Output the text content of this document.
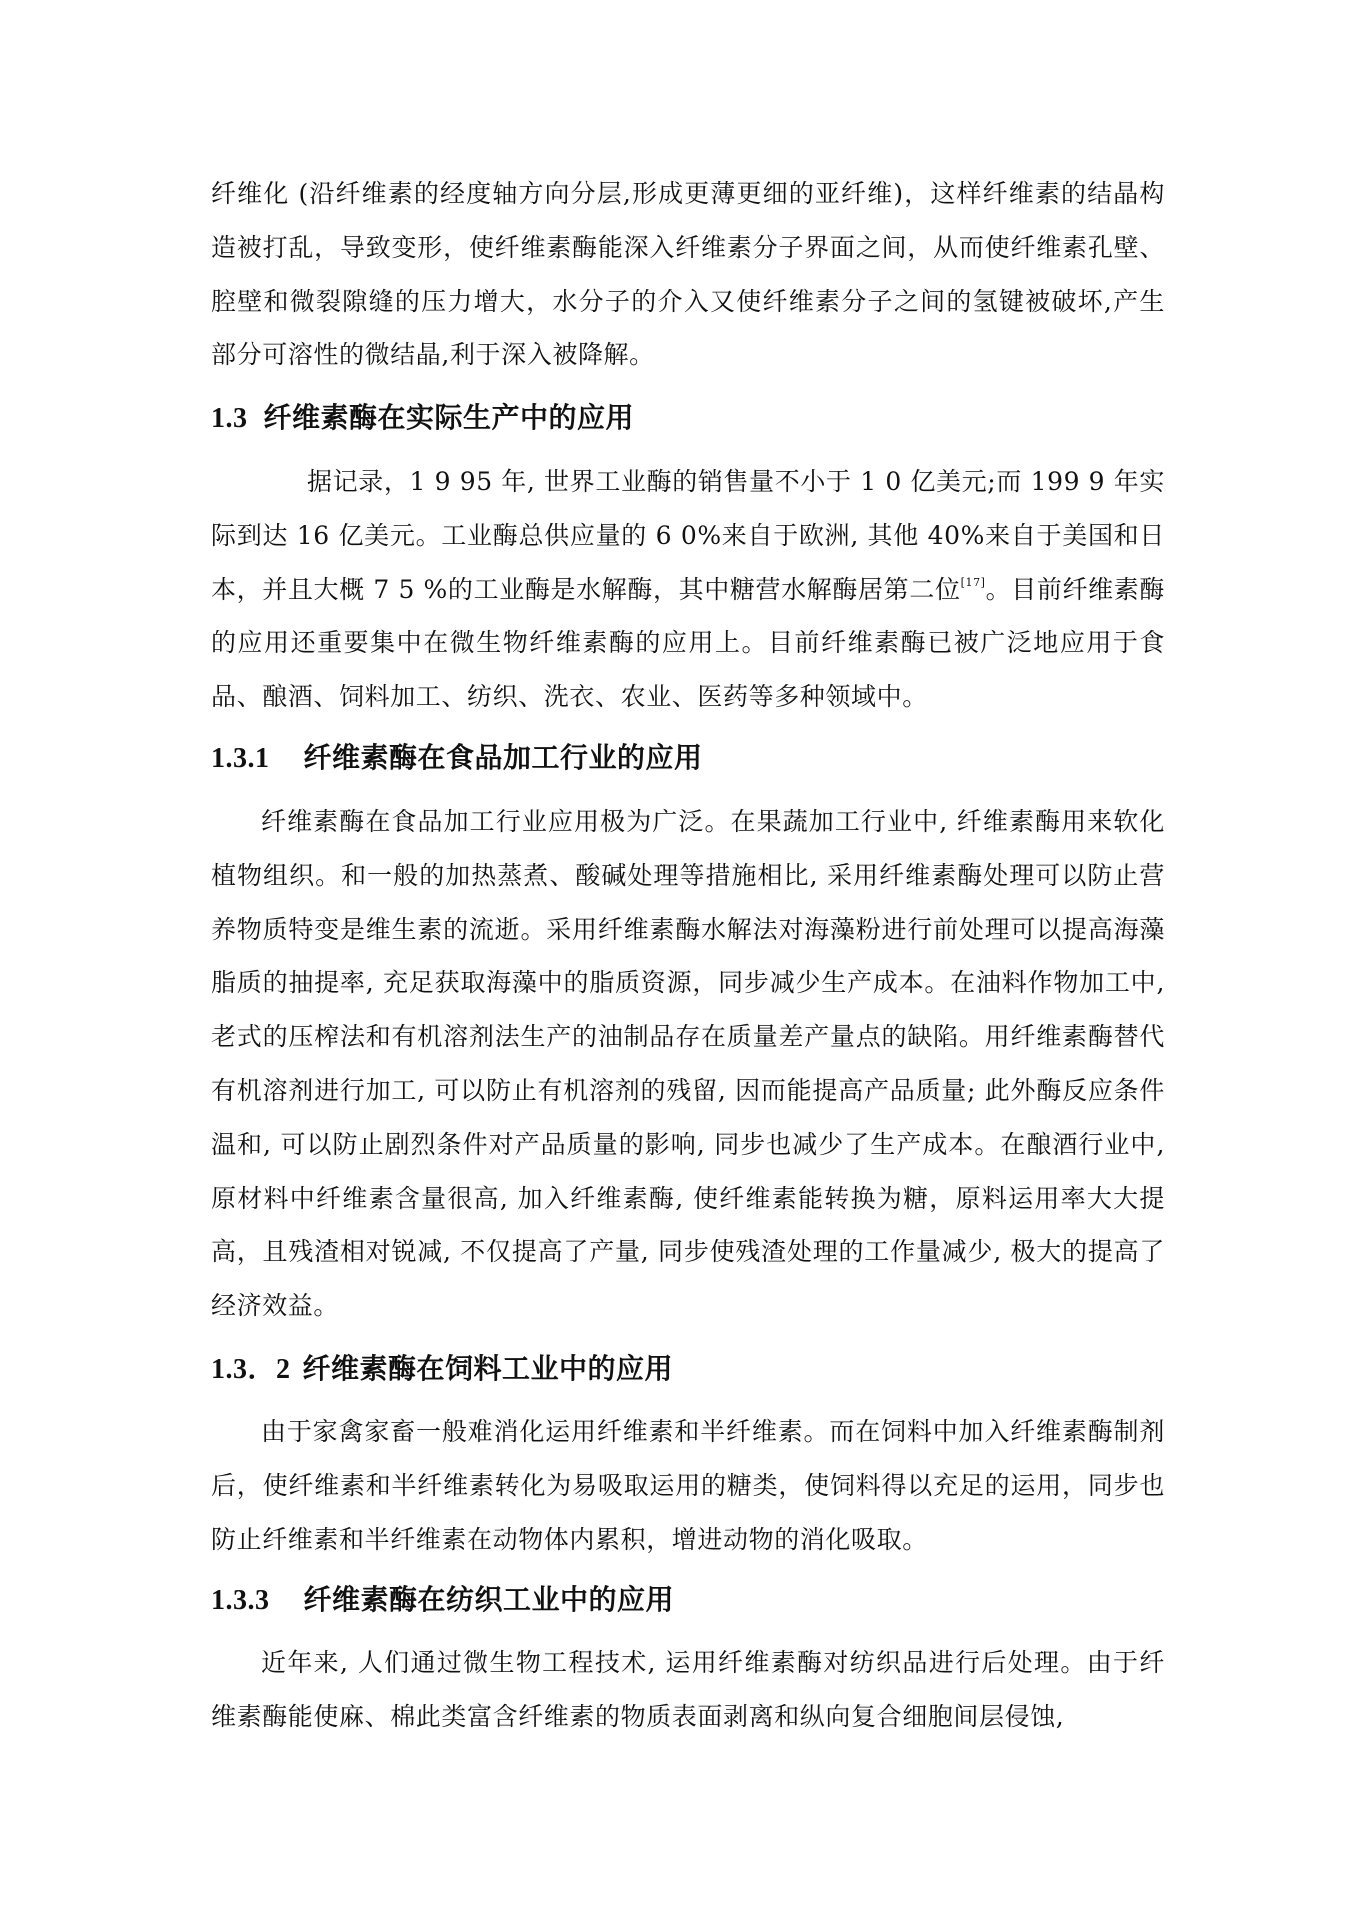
纤维化 (沿纤维素的经度轴方向分层,形成更薄更细的亚纤维)，这样纤维素的结晶构造被打乱，导致变形，使纤维素酶能深入纤维素分子界面之间，从而使纤维素孔壁、腔壁和微裂隙缝的压力增大，水分子的介入又使纤维素分子之间的氢键被破坏,产生部分可溶性的微结晶,利于深入被降解。

1.3 纤维素酶在实际生产中的应用

据记录，1 9 95 年, 世界工业酶的销售量不小于 1 0 亿美元;而 199 9 年实际到达 16 亿美元。工业酶总供应量的 6 0%来自于欧洲, 其他 40%来自于美国和日本，并且大概 7 5 %的工业酶是水解酶，其中糖营水解酶居第二位[17]。目前纤维素酶的应用还重要集中在微生物纤维素酶的应用上。目前纤维素酶已被广泛地应用于食品、酿酒、饲料加工、纺织、洗衣、农业、医药等多种领域中。

1.3.1 纤维素酶在食品加工行业的应用

纤维素酶在食品加工行业应用极为广泛。在果蔬加工行业中, 纤维素酶用来软化植物组织。和一般的加热蒸煮、酸碱处理等措施相比, 采用纤维素酶处理可以防止营养物质特变是维生素的流逝。采用纤维素酶水解法对海藻粉进行前处理可以提高海藻脂质的抽提率, 充足获取海藻中的脂质资源，同步减少生产成本。在油料作物加工中, 老式的压榨法和有机溶剂法生产的油制品存在质量差产量点的缺陷。用纤维素酶替代有机溶剂进行加工, 可以防止有机溶剂的残留, 因而能提高产品质量; 此外酶反应条件温和, 可以防止剧烈条件对产品质量的影响, 同步也减少了生产成本。在酿酒行业中, 原材料中纤维素含量很高, 加入纤维素酶, 使纤维素能转换为糖，原料运用率大大提高，且残渣相对锐减, 不仅提高了产量, 同步使残渣处理的工作量减少, 极大的提高了经济效益。

1.3．2 纤维素酶在饲料工业中的应用

由于家禽家畜一般难消化运用纤维素和半纤维素。而在饲料中加入纤维素酶制剂后，使纤维素和半纤维素转化为易吸取运用的糖类，使饲料得以充足的运用，同步也防止纤维素和半纤维素在动物体内累积，增进动物的消化吸取。

1.3.3 纤维素酶在纺织工业中的应用

近年来, 人们通过微生物工程技术, 运用纤维素酶对纺织品进行后处理。由于纤维素酶能使麻、棉此类富含纤维素的物质表面剥离和纵向复合细胞间层侵蚀,
